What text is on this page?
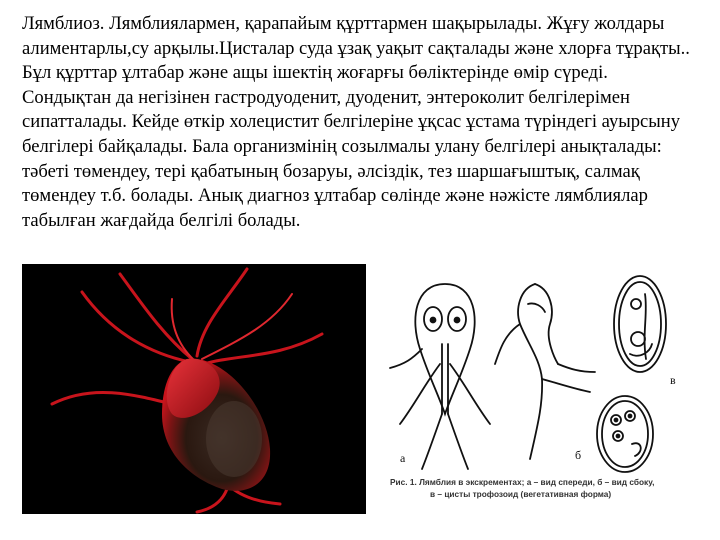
Лямблиоз. Лямблиялармен, қарапайым құрттармен шақырылады. Жұғу жолдары алиментарлы,су арқылы.Цисталар суда ұзақ уақыт сақталады және хлорға тұрақты.. Бұл құрттар ұлтабар және ащы ішектің жоғарғы бөліктерінде өмір сүреді. Сондықтан да негізінен гастродуоденит, дуоденит, энтероколит белгілерімен сипатталады. Кейде өткір холецистит белгілеріне ұқсас ұстама түріндегі ауырсыну белгілері байқалады. Бала организмінің созылмалы улану белгілері анықталады: тәбеті төмендеу, тері қабатының бозаруы, әлсіздік, тез шаршағыштық, салмақ төмендеу т.б. болады. Анық диагноз ұлтабар сөлінде және нәжісте лямблиялар табылған жағдайда белгілі болады.

а	б
в
Рис. 1. Лямблия в экскрементах; а – вид спереди, б – вид сбоку,
в – цисты трофозоид (вегетативная форма)
